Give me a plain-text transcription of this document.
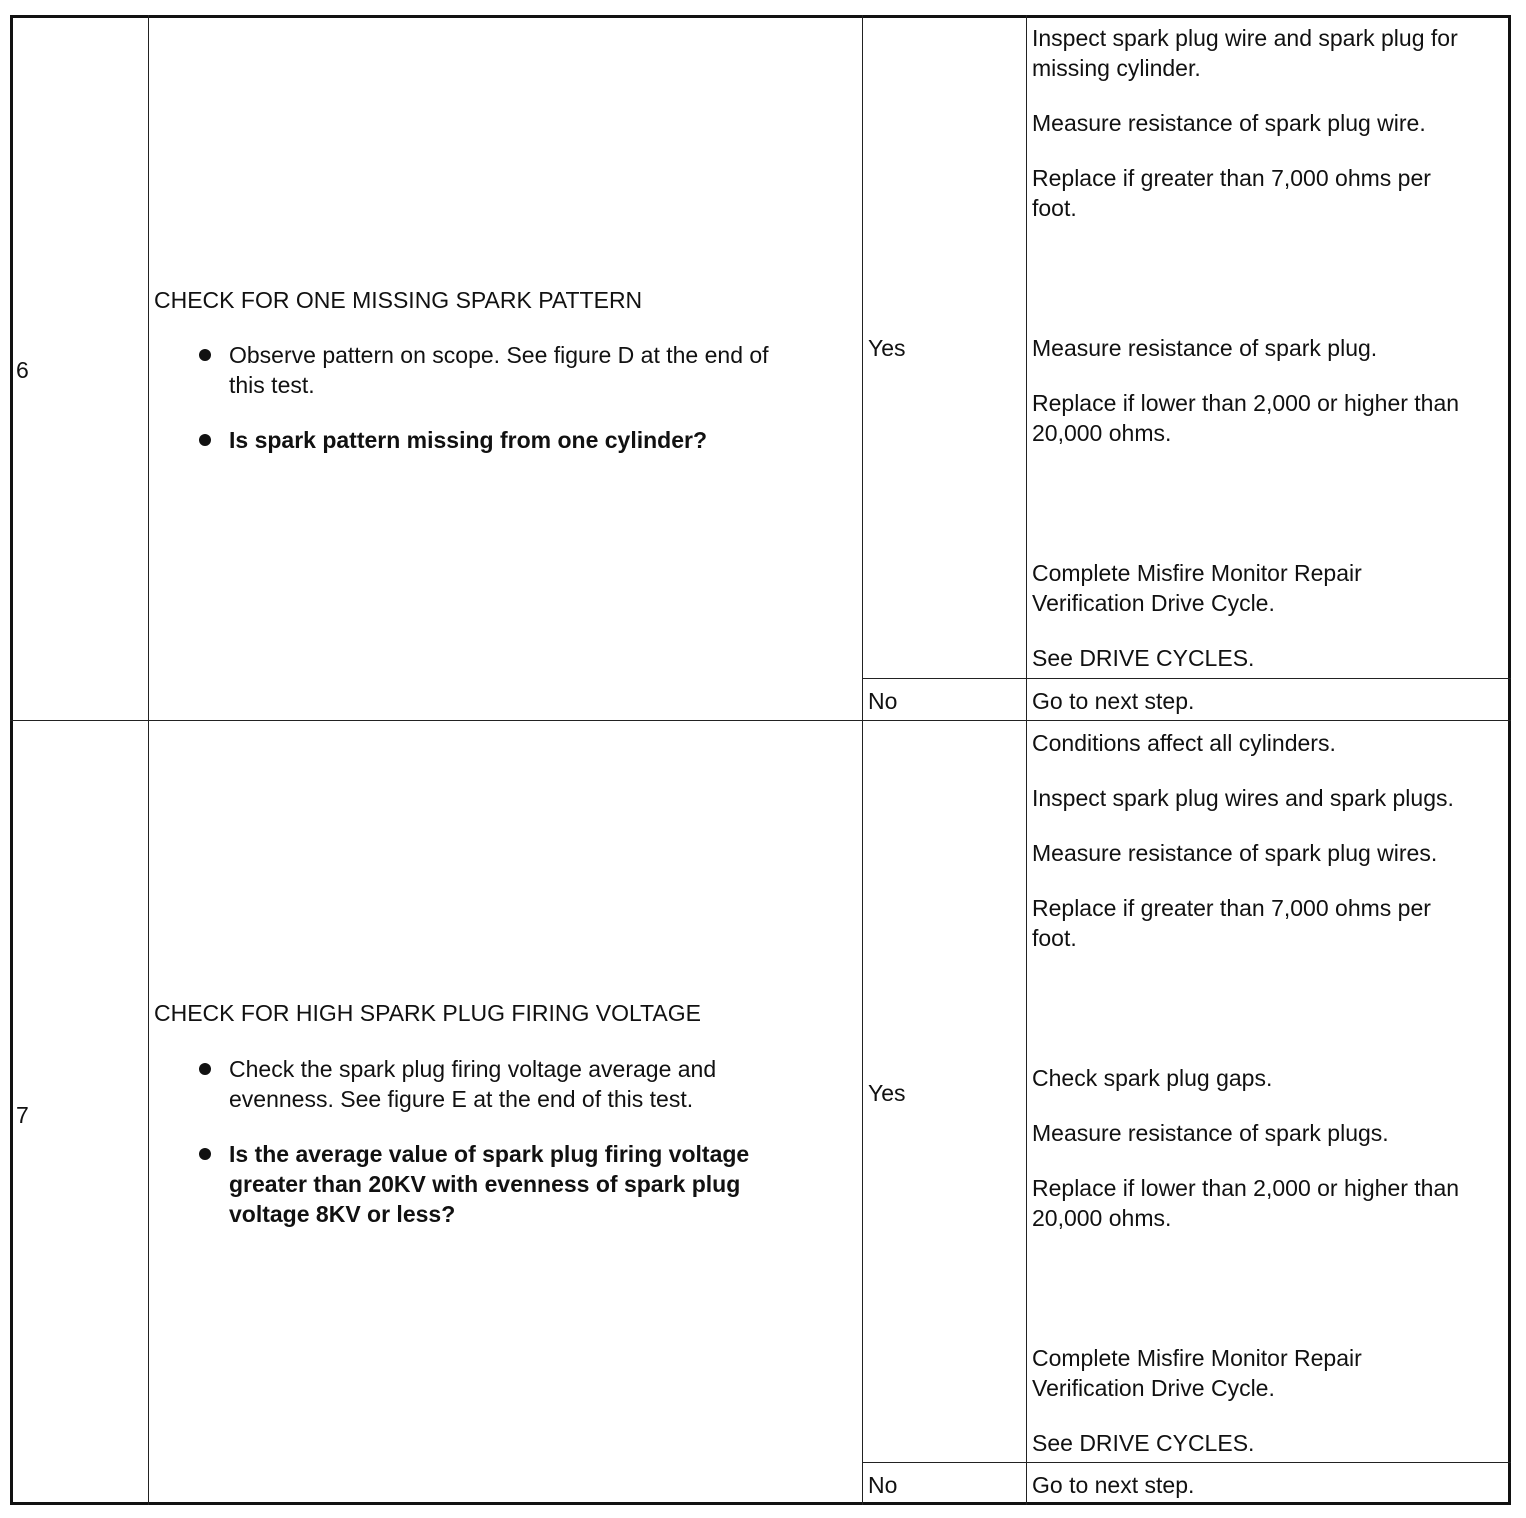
6
CHECK FOR ONE MISSING SPARK PATTERN
Observe pattern on scope. See figure D at the end of
this test.
Is spark pattern missing from one cylinder?
Yes
Inspect spark plug wire and spark plug for
missing cylinder.
Measure resistance of spark plug wire.
Replace if greater than 7,000 ohms per
foot.
Measure resistance of spark plug.
Replace if lower than 2,000 or higher than
20,000 ohms.
Complete Misfire Monitor Repair
Verification Drive Cycle.
See DRIVE CYCLES.
No	Go to next step.
7
CHECK FOR HIGH SPARK PLUG FIRING VOLTAGE
Check the spark plug firing voltage average and
evenness. See figure E at the end of this test.
Is the average value of spark plug firing voltage
greater than 20KV with evenness of spark plug
voltage 8KV or less?
Yes
Conditions affect all cylinders.
Inspect spark plug wires and spark plugs.
Measure resistance of spark plug wires.
Replace if greater than 7,000 ohms per
foot.
Check spark plug gaps.
Measure resistance of spark plugs.
Replace if lower than 2,000 or higher than
20,000 ohms.
Complete Misfire Monitor Repair
Verification Drive Cycle.
See DRIVE CYCLES.
No	Go to next step.
